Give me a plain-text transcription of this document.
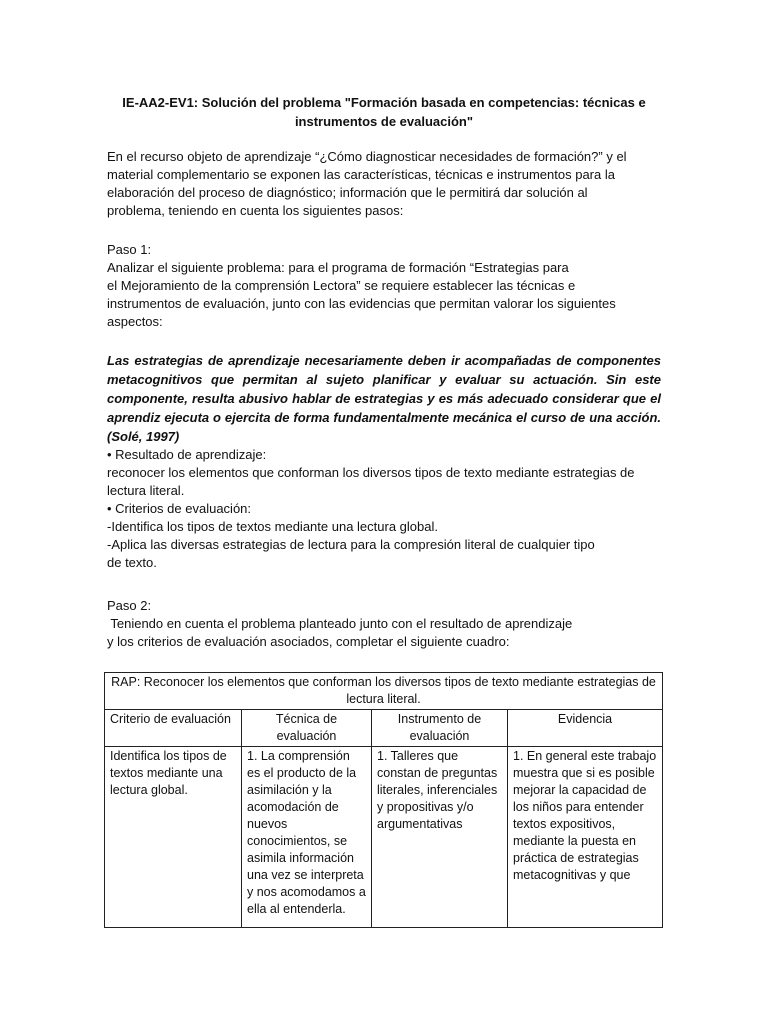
IE-AA2-EV1: Solución del problema "Formación basada en competencias: técnicas e
instrumentos de evaluación"
En el recurso objeto de aprendizaje “¿Cómo diagnosticar necesidades de formación?” y el
material complementario se exponen las características, técnicas e instrumentos para la
elaboración del proceso de diagnóstico; información que le permitirá dar solución al
problema, teniendo en cuenta los siguientes pasos:
Paso 1:
Analizar el siguiente problema: para el programa de formación “Estrategias para
el Mejoramiento de la comprensión Lectora” se requiere establecer las técnicas e
instrumentos de evaluación, junto con las evidencias que permitan valorar los siguientes
aspectos:
Las estrategias de aprendizaje necesariamente deben ir acompañadas de componentes metacognitivos que permitan al sujeto planificar y evaluar su actuación. Sin este componente, resulta abusivo hablar de estrategias y es más adecuado considerar que el aprendiz ejecuta o ejercita de forma fundamentalmente mecánica el curso de una acción. (Solé, 1997)
• Resultado de aprendizaje:
reconocer los elementos que conforman los diversos tipos de texto mediante estrategias de
lectura literal.
• Criterios de evaluación:
-Identifica los tipos de textos mediante una lectura global.
-Aplica las diversas estrategias de lectura para la compresión literal de cualquier tipo
de texto.
Paso 2:
Teniendo en cuenta el problema planteado junto con el resultado de aprendizaje
y los criterios de evaluación asociados, completar el siguiente cuadro:
RAP: Reconocer los elementos que conforman los diversos tipos de texto mediante estrategias de lectura literal.			
Criterio de evaluación	Técnica de evaluación	Instrumento de evaluación	Evidencia
Identifica los tipos de textos mediante una lectura global.	1. La comprensión es el producto de la asimilación y la acomodación de nuevos conocimientos, se asimila información una vez se interpreta y nos acomodamos a ella al entenderla.	1. Talleres que constan de preguntas literales, inferenciales y propositivas y/o argumentativas	1. En general este trabajo muestra que si es posible mejorar la capacidad de los niños para entender textos expositivos, mediante la puesta en práctica de estrategias metacognitivas y que
